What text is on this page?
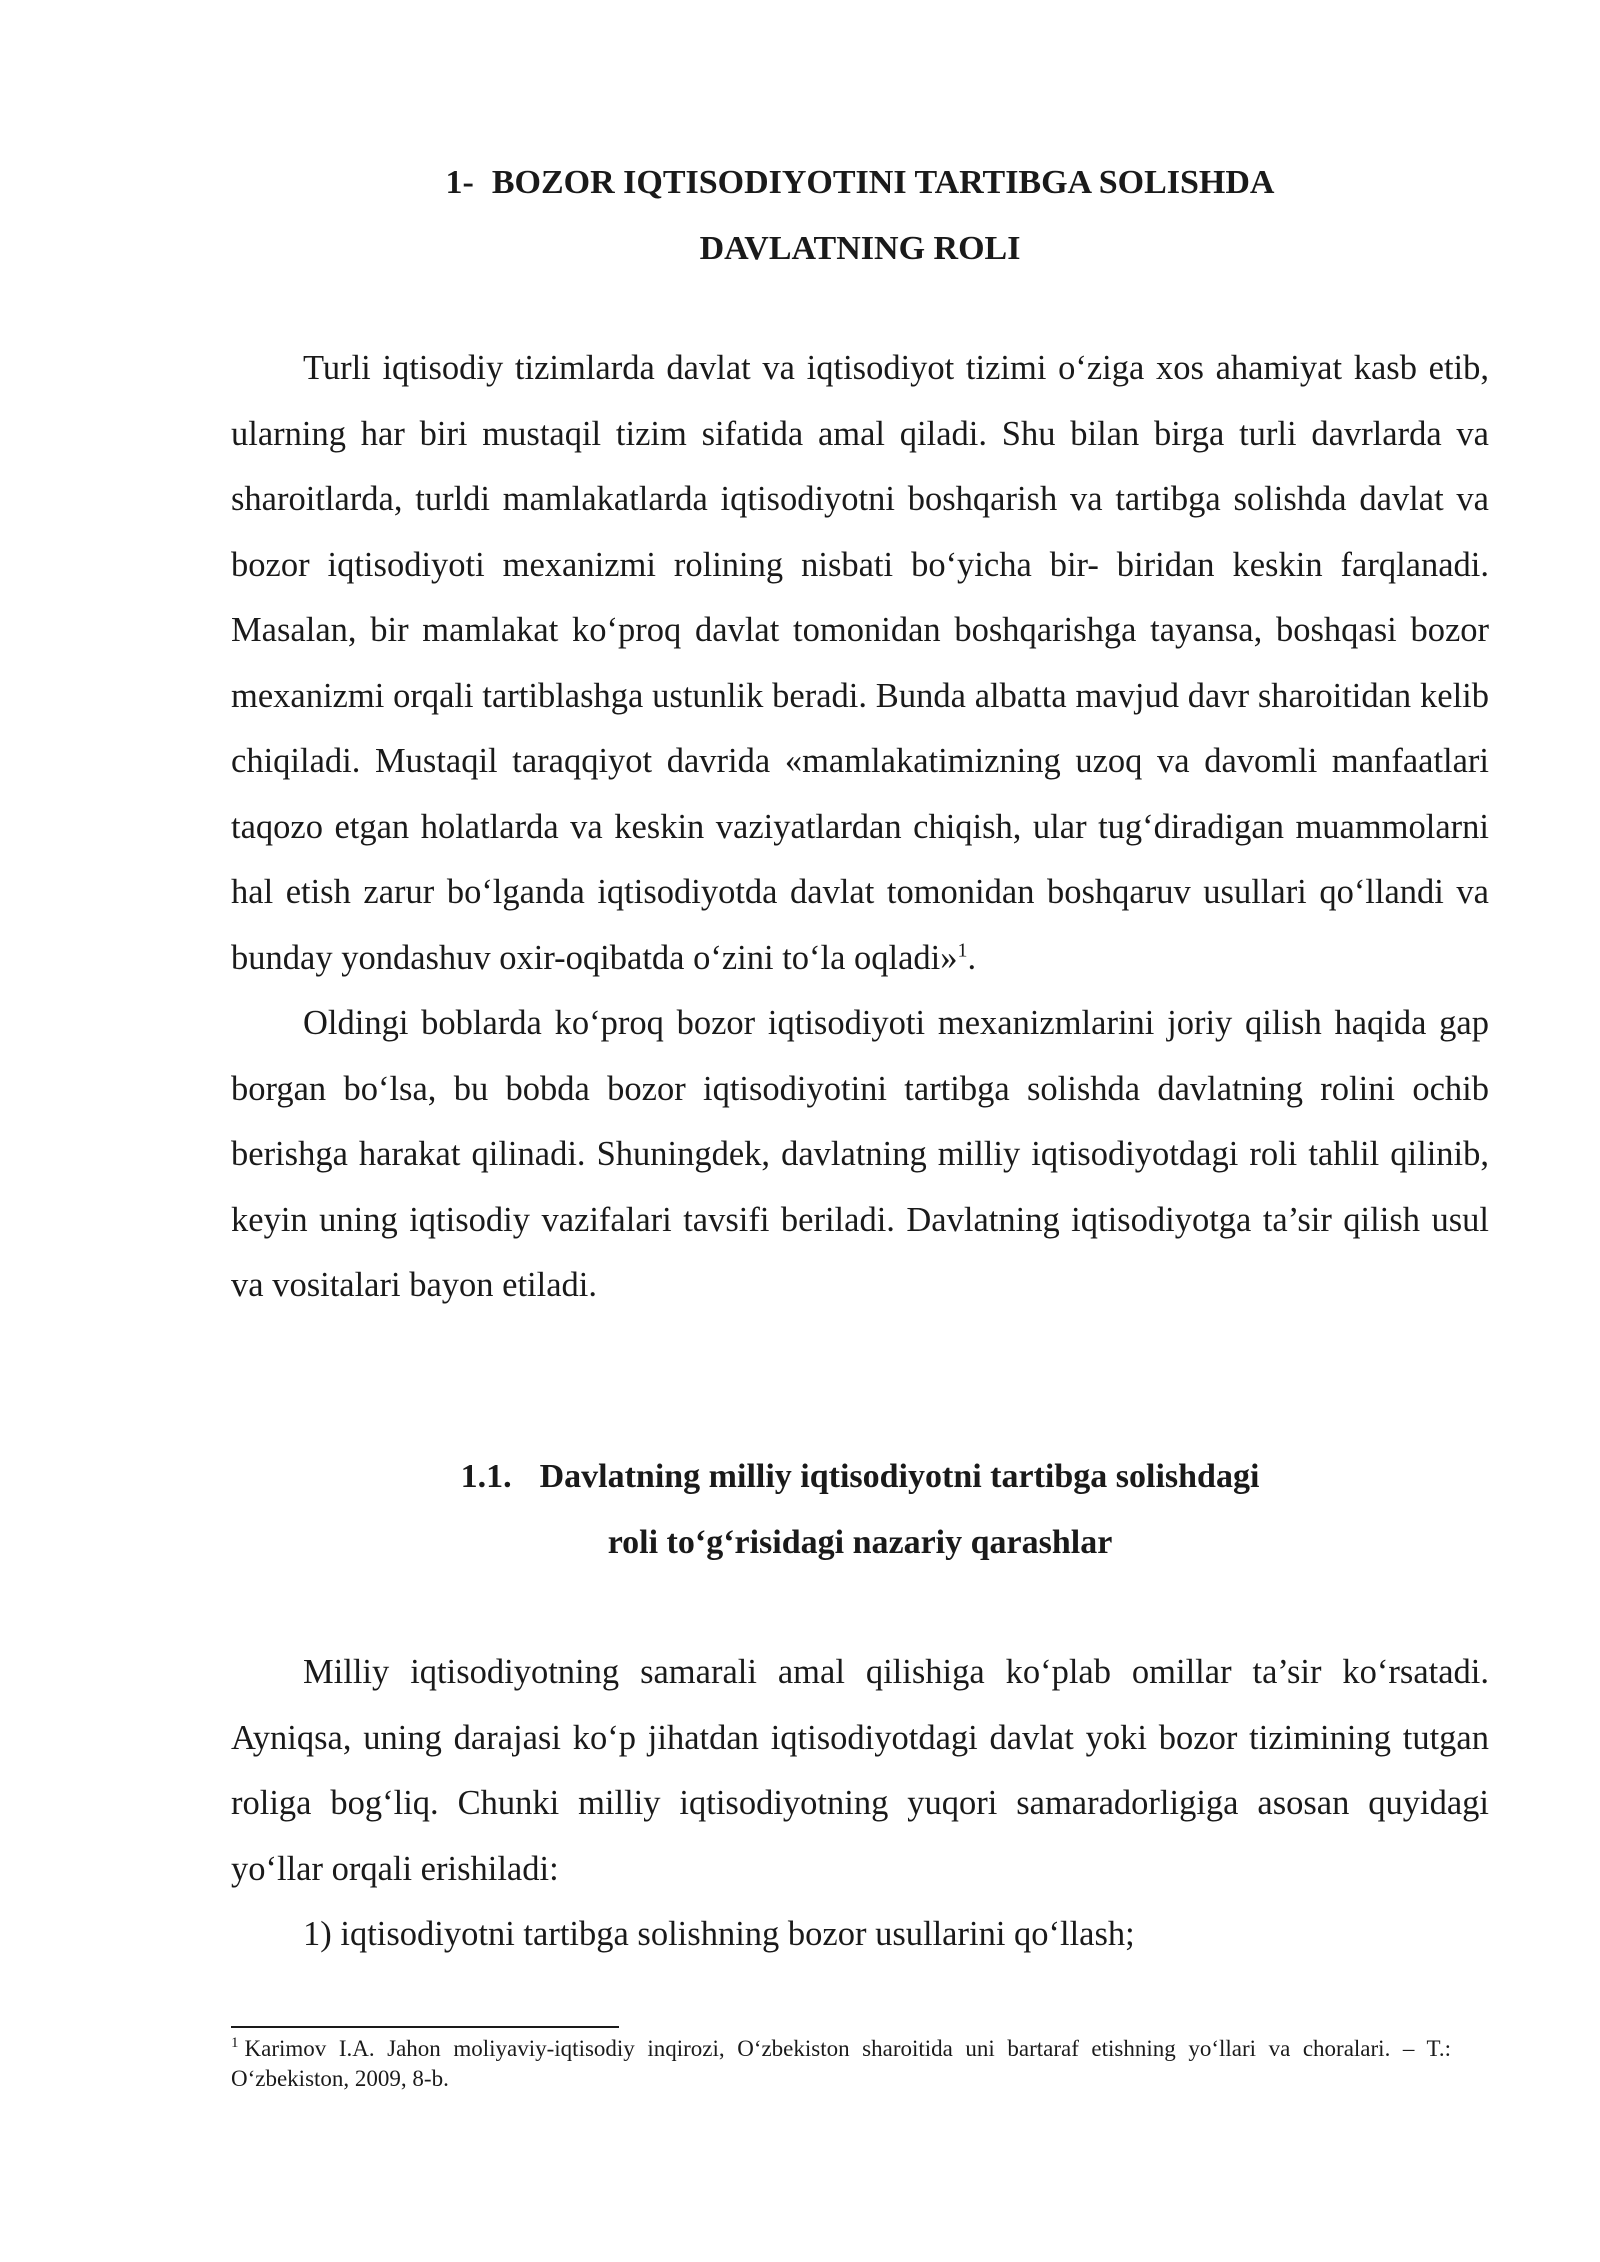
1- BOZOR IQTISODIYOTINI TARTIBGA SOLISHDA
DAVLATNING ROLI

Turli iqtisodiy tizimlarda davlat va iqtisodiyot tizimi o‘ziga xos ahamiyat kasb etib, ularning har biri mustaqil tizim sifatida amal qiladi. Shu bilan birga turli davrlarda va sharoitlarda, turldi mamlakatlarda iqtisodiyotni boshqarish va tartibga solishda davlat va bozor iqtisodiyoti mexanizmi rolining nisbati bo‘yicha bir- biridan keskin farqlanadi. Masalan, bir mamlakat ko‘proq davlat tomonidan boshqarishga tayansa, boshqasi bozor mexanizmi orqali tartiblashga ustunlik beradi. Bunda albatta mavjud davr sharoitidan kelib chiqiladi. Mustaqil taraqqiyot davrida «mamlakatimizning uzoq va davomli manfaatlari taqozo etgan holatlarda va keskin vaziyatlardan chiqish, ular tug‘diradigan muammolarni hal etish zarur bo‘lganda iqtisodiyotda davlat tomonidan boshqaruv usullari qo‘llandi va bunday yondashuv oxir-oqibatda o‘zini to‘la oqladi»$^1$.

Oldingi boblarda ko‘proq bozor iqtisodiyoti mexanizmlarini joriy qilish haqida gap borgan bo‘lsa, bu bobda bozor iqtisodiyotini tartibga solishda davlatning rolini ochib berishga harakat qilinadi. Shuningdek, davlatning milliy iqtisodiyotdagi roli tahlil qilinib, keyin uning iqtisodiy vazifalari tavsifi beriladi. Davlatning iqtisodiyotga ta’sir qilish usul va vositalari bayon etiladi.

1.1. Davlatning milliy iqtisodiyotni tartibga solishdagi
roli to‘g‘risidagi nazariy qarashlar

Milliy iqtisodiyotning samarali amal qilishiga ko‘plab omillar ta’sir ko‘rsatadi. Ayniqsa, uning darajasi ko‘p jihatdan iqtisodiyotdagi davlat yoki bozor tizimining tutgan roliga bog‘liq. Chunki milliy iqtisodiyotning yuqori samaradorligiga asosan quyidagi yo‘llar orqali erishiladi:

1) iqtisodiyotni tartibga solishning bozor usullarini qo‘llash;

$^1$ Karimov I.A. Jahon moliyaviy-iqtisodiy inqirozi, O‘zbekiston sharoitida uni bartaraf etishning yo‘llari va choralari. – T.: O‘zbekiston, 2009, 8-b.
